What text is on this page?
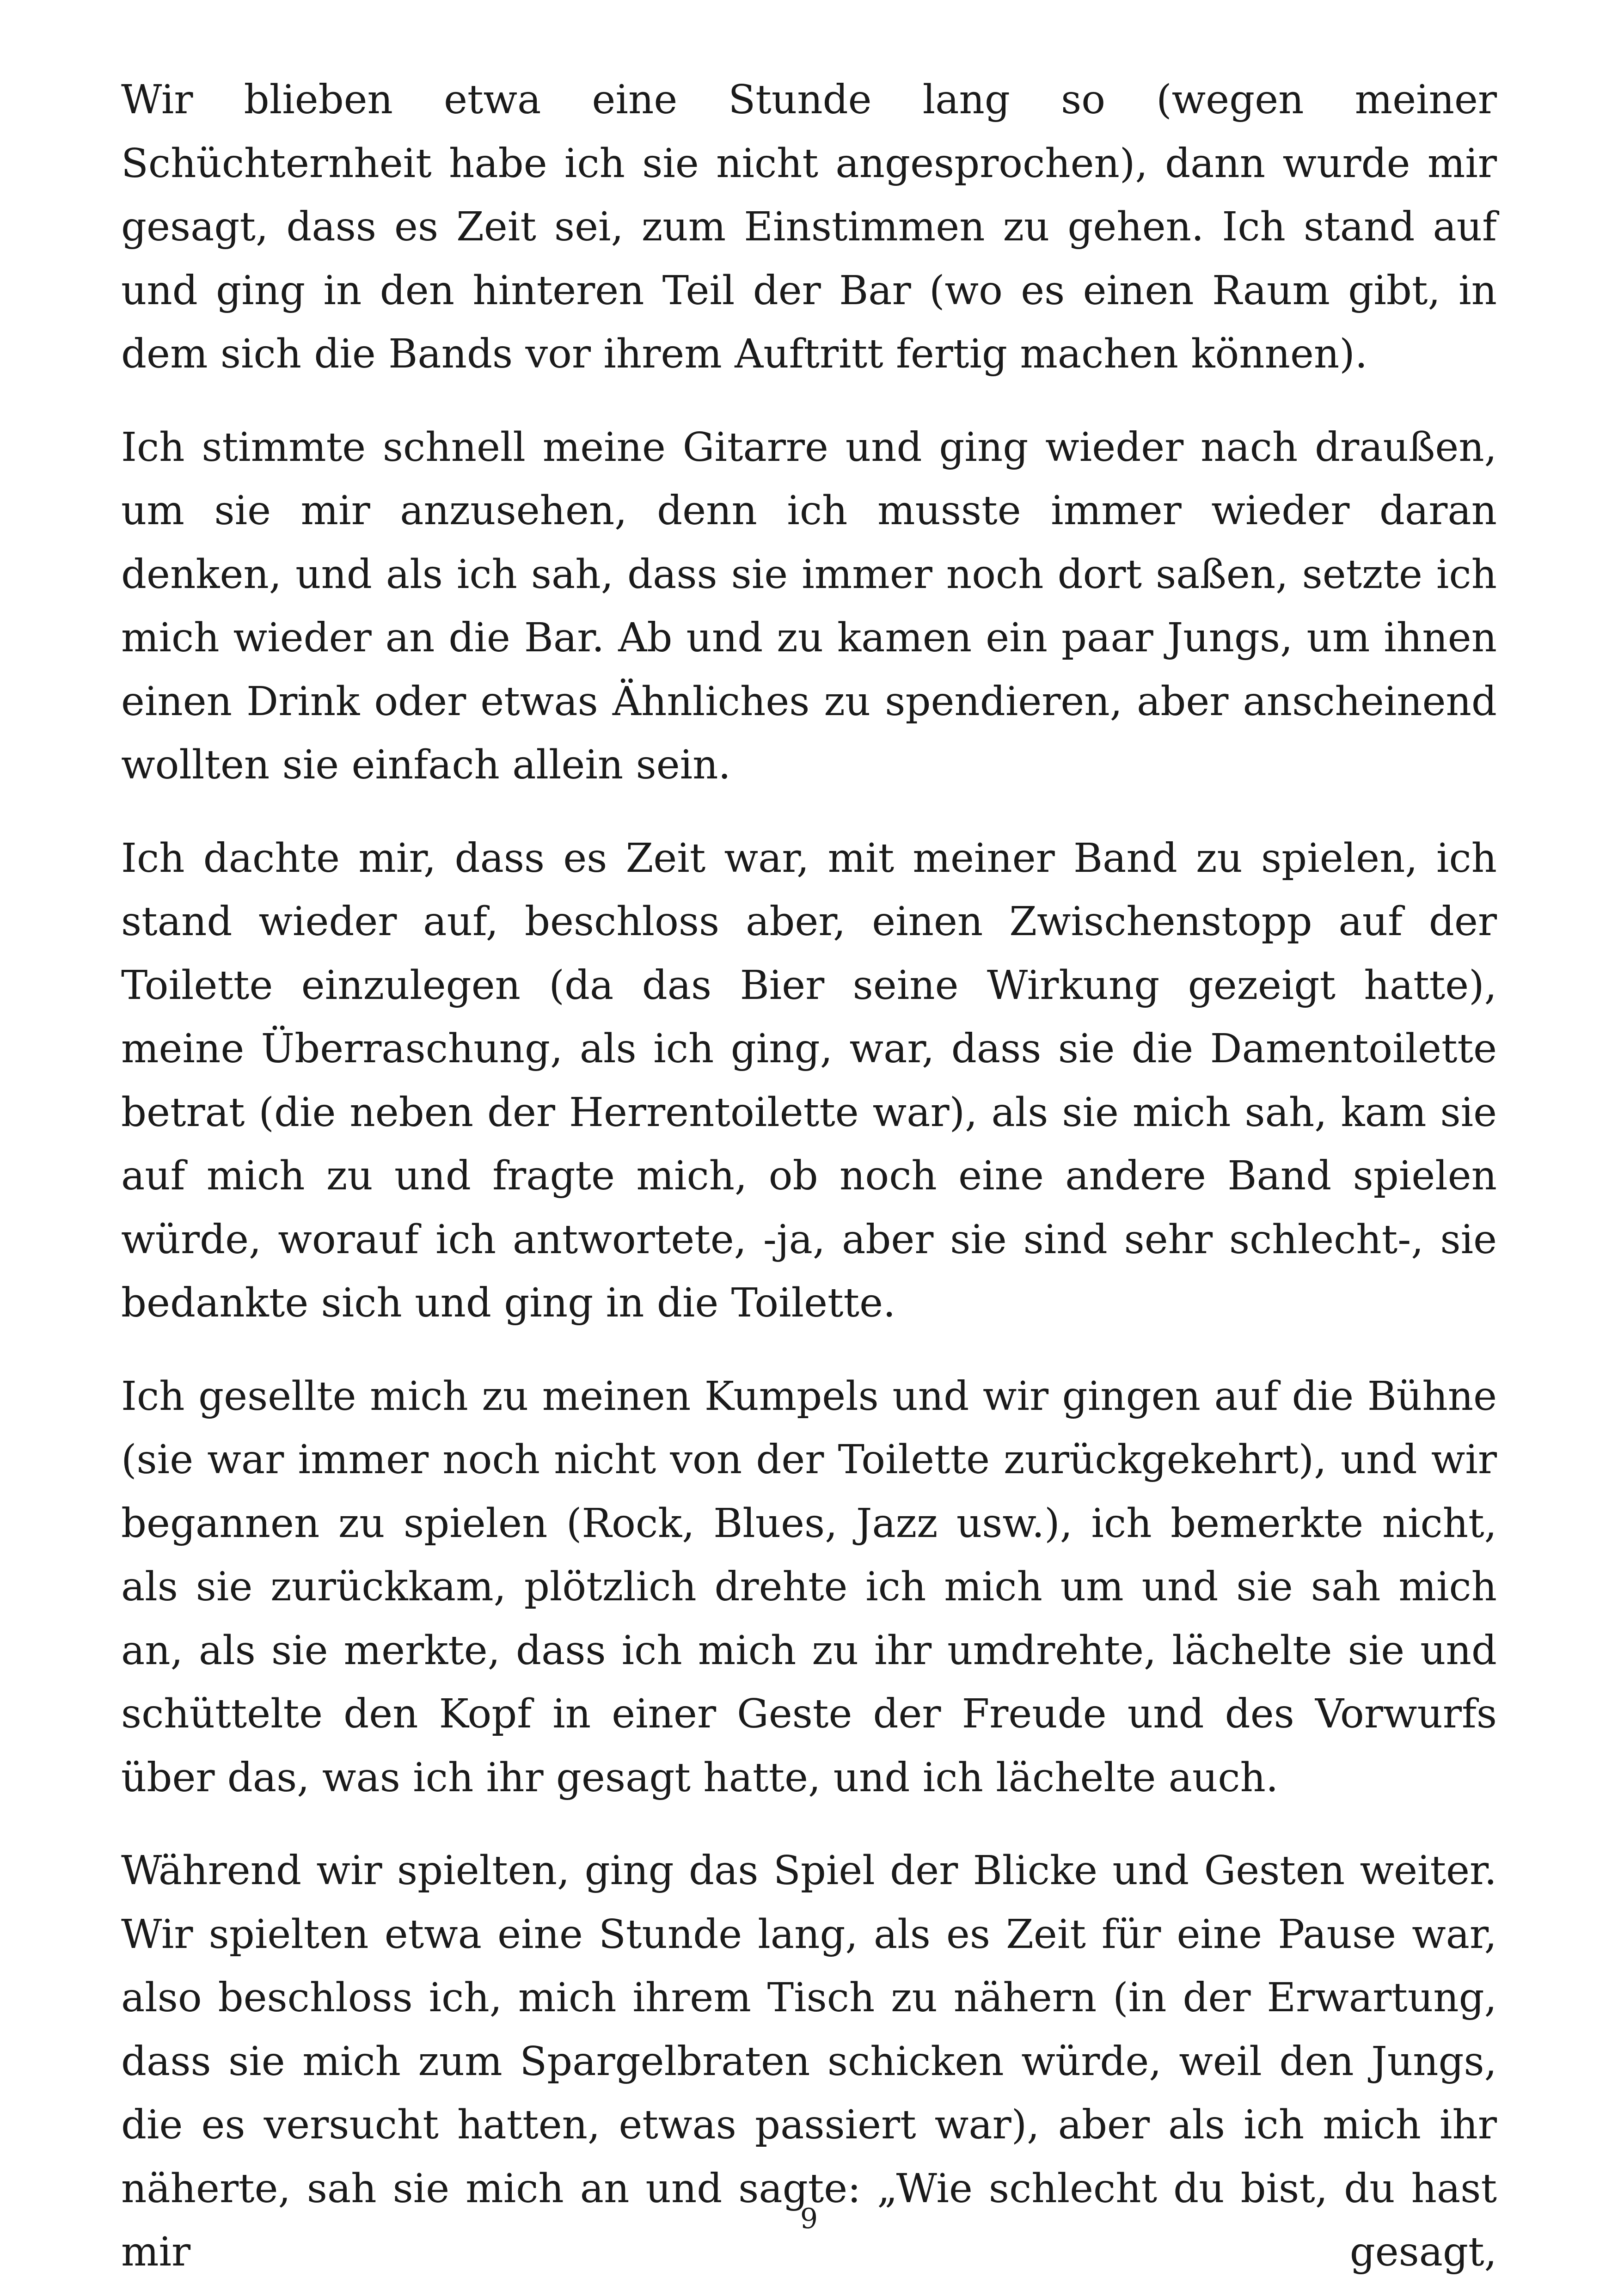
Wir blieben etwa eine Stunde lang so (wegen meiner Schüchternheit habe ich sie nicht angesprochen), dann wurde mir gesagt, dass es Zeit sei, zum Einstimmen zu gehen. Ich stand auf und ging in den hinteren Teil der Bar (wo es einen Raum gibt, in dem sich die Bands vor ihrem Auftritt fertig machen können).

Ich stimmte schnell meine Gitarre und ging wieder nach draußen, um sie mir anzusehen, denn ich musste immer wieder daran denken, und als ich sah, dass sie immer noch dort saßen, setzte ich mich wieder an die Bar. Ab und zu kamen ein paar Jungs, um ihnen einen Drink oder etwas Ähnliches zu spendieren, aber anscheinend wollten sie einfach allein sein.

Ich dachte mir, dass es Zeit war, mit meiner Band zu spielen, ich stand wieder auf, beschloss aber, einen Zwischenstopp auf der Toilette einzulegen (da das Bier seine Wirkung gezeigt hatte), meine Überraschung, als ich ging, war, dass sie die Damentoilette betrat (die neben der Herrentoilette war), als sie mich sah, kam sie auf mich zu und fragte mich, ob noch eine andere Band spielen würde, worauf ich antwortete, -ja, aber sie sind sehr schlecht-, sie bedankte sich und ging in die Toilette.

Ich gesellte mich zu meinen Kumpels und wir gingen auf die Bühne (sie war immer noch nicht von der Toilette zurückgekehrt), und wir begannen zu spielen (Rock, Blues, Jazz usw.), ich bemerkte nicht, als sie zurückkam, plötzlich drehte ich mich um und sie sah mich an, als sie merkte, dass ich mich zu ihr umdrehte, lächelte sie und schüttelte den Kopf in einer Geste der Freude und des Vorwurfs über das, was ich ihr gesagt hatte, und ich lächelte auch.

Während wir spielten, ging das Spiel der Blicke und Gesten weiter. Wir spielten etwa eine Stunde lang, als es Zeit für eine Pause war, also beschloss ich, mich ihrem Tisch zu nähern (in der Erwartung, dass sie mich zum Spargelbraten schicken würde, weil den Jungs, die es versucht hatten, etwas passiert war), aber als ich mich ihr näherte, sah sie mich an und sagte: „Wie schlecht du bist, du hast mir gesagt,

9
